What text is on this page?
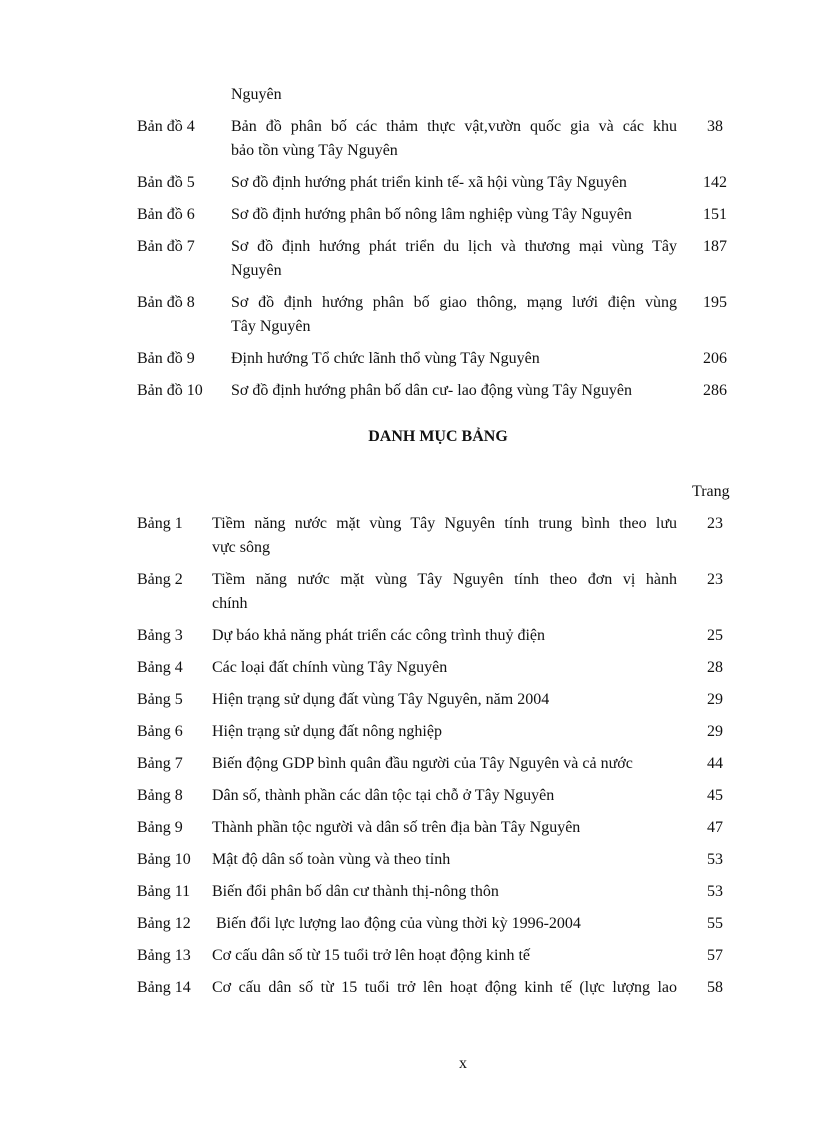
Nguyên
Bản đồ 4 Bản đồ phân bố các thảm thực vật,vườn quốc gia và các khu	38
bảo tồn vùng Tây Nguyên
Bản đồ 5 Sơ đồ định hướng phát triển kinh tế- xã hội vùng Tây Nguyên	142
Bản đồ 6 Sơ đồ định hướng phân bố nông lâm nghiệp vùng Tây Nguyên	151
Bản đồ 7 Sơ đồ định hướng phát triển du lịch và thương mại vùng Tây	187
Nguyên
Bản đồ 8 Sơ đồ định hướng phân bố giao thông, mạng lưới điện vùng	195
Tây Nguyên
Bản đồ 9 Định hướng Tổ chức lãnh thổ vùng Tây Nguyên	206
Bản đồ 10 Sơ đồ định hướng phân bố dân cư- lao động vùng Tây Nguyên	286
DANH MỤC BẢNG
Trang
Bảng 1 Tiềm năng nước mặt vùng Tây Nguyên tính trung bình theo lưu	23
vực sông
Bảng 2 Tiềm năng nước mặt vùng Tây Nguyên tính theo đơn vị hành	23
chính
Bảng 3 Dự báo khả năng phát triển các công trình thuỷ điện	25
Bảng 4 Các loại đất chính vùng Tây Nguyên	28
Bảng 5 Hiện trạng sử dụng đất vùng Tây Nguyên, năm 2004	29
Bảng 6 Hiện trạng sử dụng đất nông nghiệp	29
Bảng 7 Biến động GDP bình quân đầu người của Tây Nguyên và cả nước	44
Bảng 8 Dân số, thành phần các dân tộc tại chỗ ở Tây Nguyên	45
Bảng 9 Thành phần tộc người và dân số trên địa bàn Tây Nguyên	47
Bảng 10 Mật độ dân số toàn vùng và theo tỉnh	53
Bảng 11 Biến đổi phân bố dân cư thành thị-nông thôn	53
Bảng 12 Biến đổi lực lượng lao động của vùng thời kỳ 1996-2004	55
Bảng 13 Cơ cấu dân số từ 15 tuổi trở lên hoạt động kinh tế	57
Bảng 14 Cơ cấu dân số từ 15 tuổi trở lên hoạt động kinh tế (lực lượng lao	58
x
